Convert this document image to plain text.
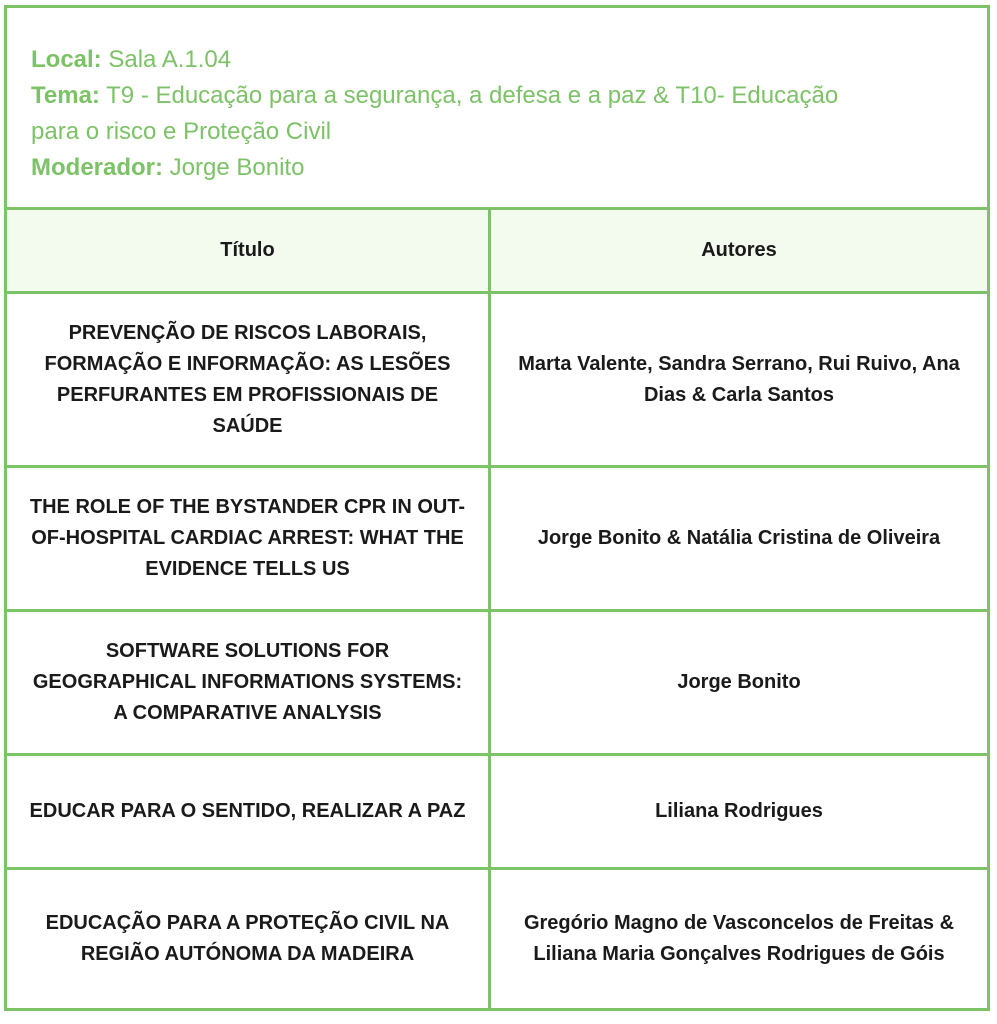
Local: Sala A.1.04

Tema: T9 - Educação para a segurança, a defesa e a paz & T10- Educação

para o risco e Proteção Civil

Moderador: Jorge Bonito

Título	Autores
PREVENÇÃO DE RISCOS LABORAIS, FORMAÇÃO E INFORMAÇÃO: AS LESÕES PERFURANTES EM PROFISSIONAIS DE SAÚDE
Marta Valente, Sandra Serrano, Rui Ruivo, Ana Dias & Carla Santos
THE ROLE OF THE BYSTANDER CPR IN OUT-OF-HOSPITAL CARDIAC ARREST: WHAT THE EVIDENCE TELLS US
Jorge Bonito & Natália Cristina de Oliveira
SOFTWARE SOLUTIONS FOR GEOGRAPHICAL INFORMATIONS SYSTEMS: A COMPARATIVE ANALYSIS
Jorge Bonito
EDUCAR PARA O SENTIDO, REALIZAR A PAZ	Liliana Rodrigues
EDUCAÇÃO PARA A PROTEÇÃO CIVIL NA REGIÃO AUTÓNOMA DA MADEIRA
Gregório Magno de Vasconcelos de Freitas & Liliana Maria Gonçalves Rodrigues de Góis
